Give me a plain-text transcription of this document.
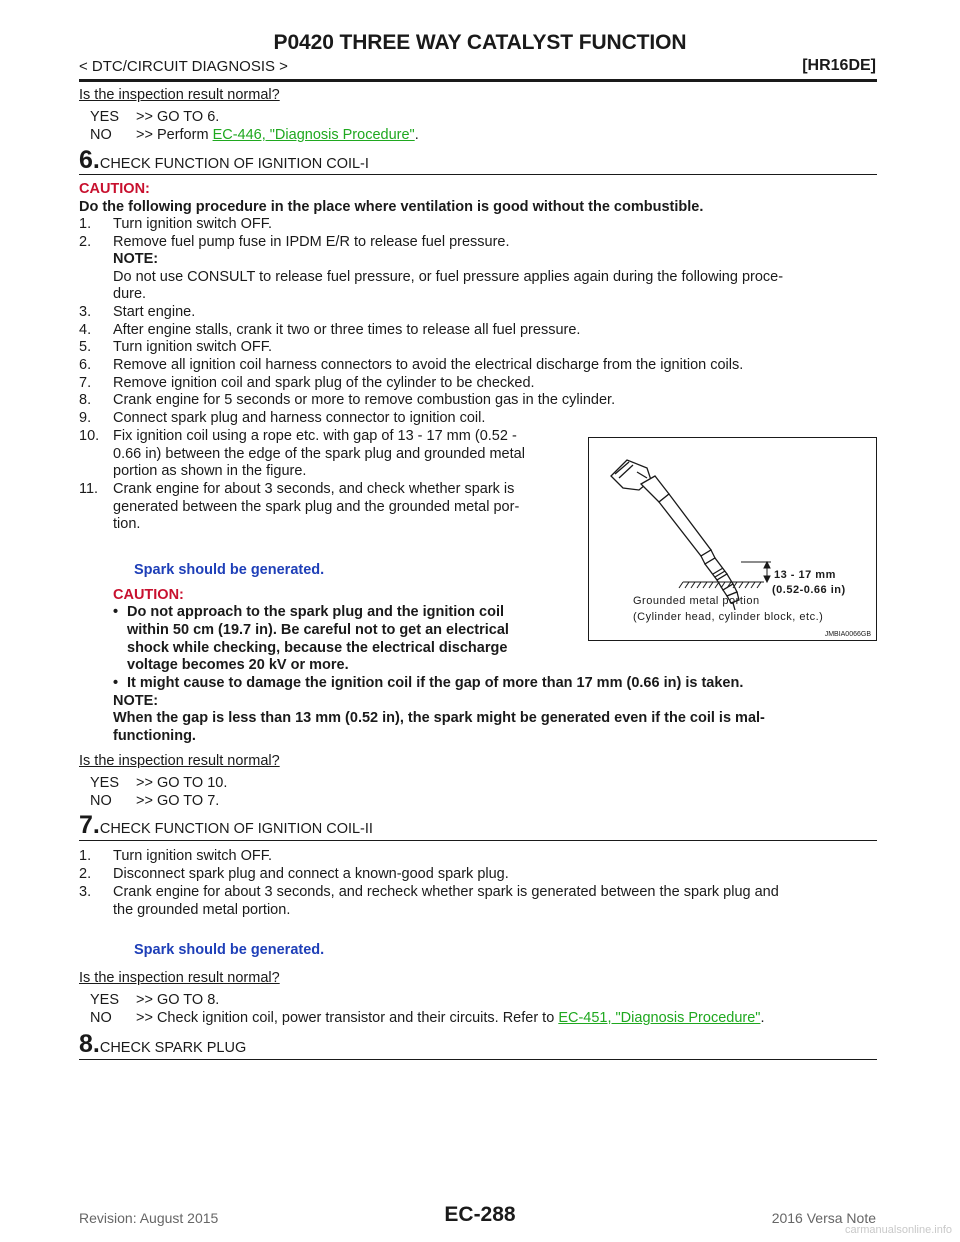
P0420 THREE WAY CATALYST FUNCTION
< DTC/CIRCUIT DIAGNOSIS >	[HR16DE]
Is the inspection result normal?
YES >> GO TO 6.
NO >> Perform EC-446, "Diagnosis Procedure".
6.CHECK FUNCTION OF IGNITION COIL-I
CAUTION:
Do the following procedure in the place where ventilation is good without the combustible.
1. Turn ignition switch OFF.
2. Remove fuel pump fuse in IPDM E/R to release fuel pressure.
NOTE:
Do not use CONSULT to release fuel pressure, or fuel pressure applies again during the following proce-
dure.
3. Start engine.
4. After engine stalls, crank it two or three times to release all fuel pressure.
5. Turn ignition switch OFF.
6. Remove all ignition coil harness connectors to avoid the electrical discharge from the ignition coils.
7. Remove ignition coil and spark plug of the cylinder to be checked.
8. Crank engine for 5 seconds or more to remove combustion gas in the cylinder.
9. Connect spark plug and harness connector to ignition coil.
10. Fix ignition coil using a rope etc. with gap of 13 - 17 mm (0.52 -
0.66 in) between the edge of the spark plug and grounded metal
portion as shown in the figure.
11. Crank engine for about 3 seconds, and check whether spark is
generated between the spark plug and the grounded metal por-
tion.
Spark should be generated.
CAUTION:
• Do not approach to the spark plug and the ignition coil
within 50 cm (19.7 in). Be careful not to get an electrical
shock while checking, because the electrical discharge
voltage becomes 20 kV or more.
• It might cause to damage the ignition coil if the gap of more than 17 mm (0.66 in) is taken.
NOTE:
When the gap is less than 13 mm (0.52 in), the spark might be generated even if the coil is mal-
functioning.
Is the inspection result normal?
YES >> GO TO 10.
NO >> GO TO 7.
13 - 17 mm
(0.52-0.66 in)
Grounded metal portion
(Cylinder head, cylinder block, etc.)
JMBIA0066GB
7.CHECK FUNCTION OF IGNITION COIL-II
1. Turn ignition switch OFF.
2. Disconnect spark plug and connect a known-good spark plug.
3. Crank engine for about 3 seconds, and recheck whether spark is generated between the spark plug and
the grounded metal portion.
Spark should be generated.
Is the inspection result normal?
YES >> GO TO 8.
NO >> Check ignition coil, power transistor and their circuits. Refer to EC-451, "Diagnosis Procedure".
8.CHECK SPARK PLUG
Revision: August 2015	EC-288	2016 Versa Note
carmanualsonline.info
